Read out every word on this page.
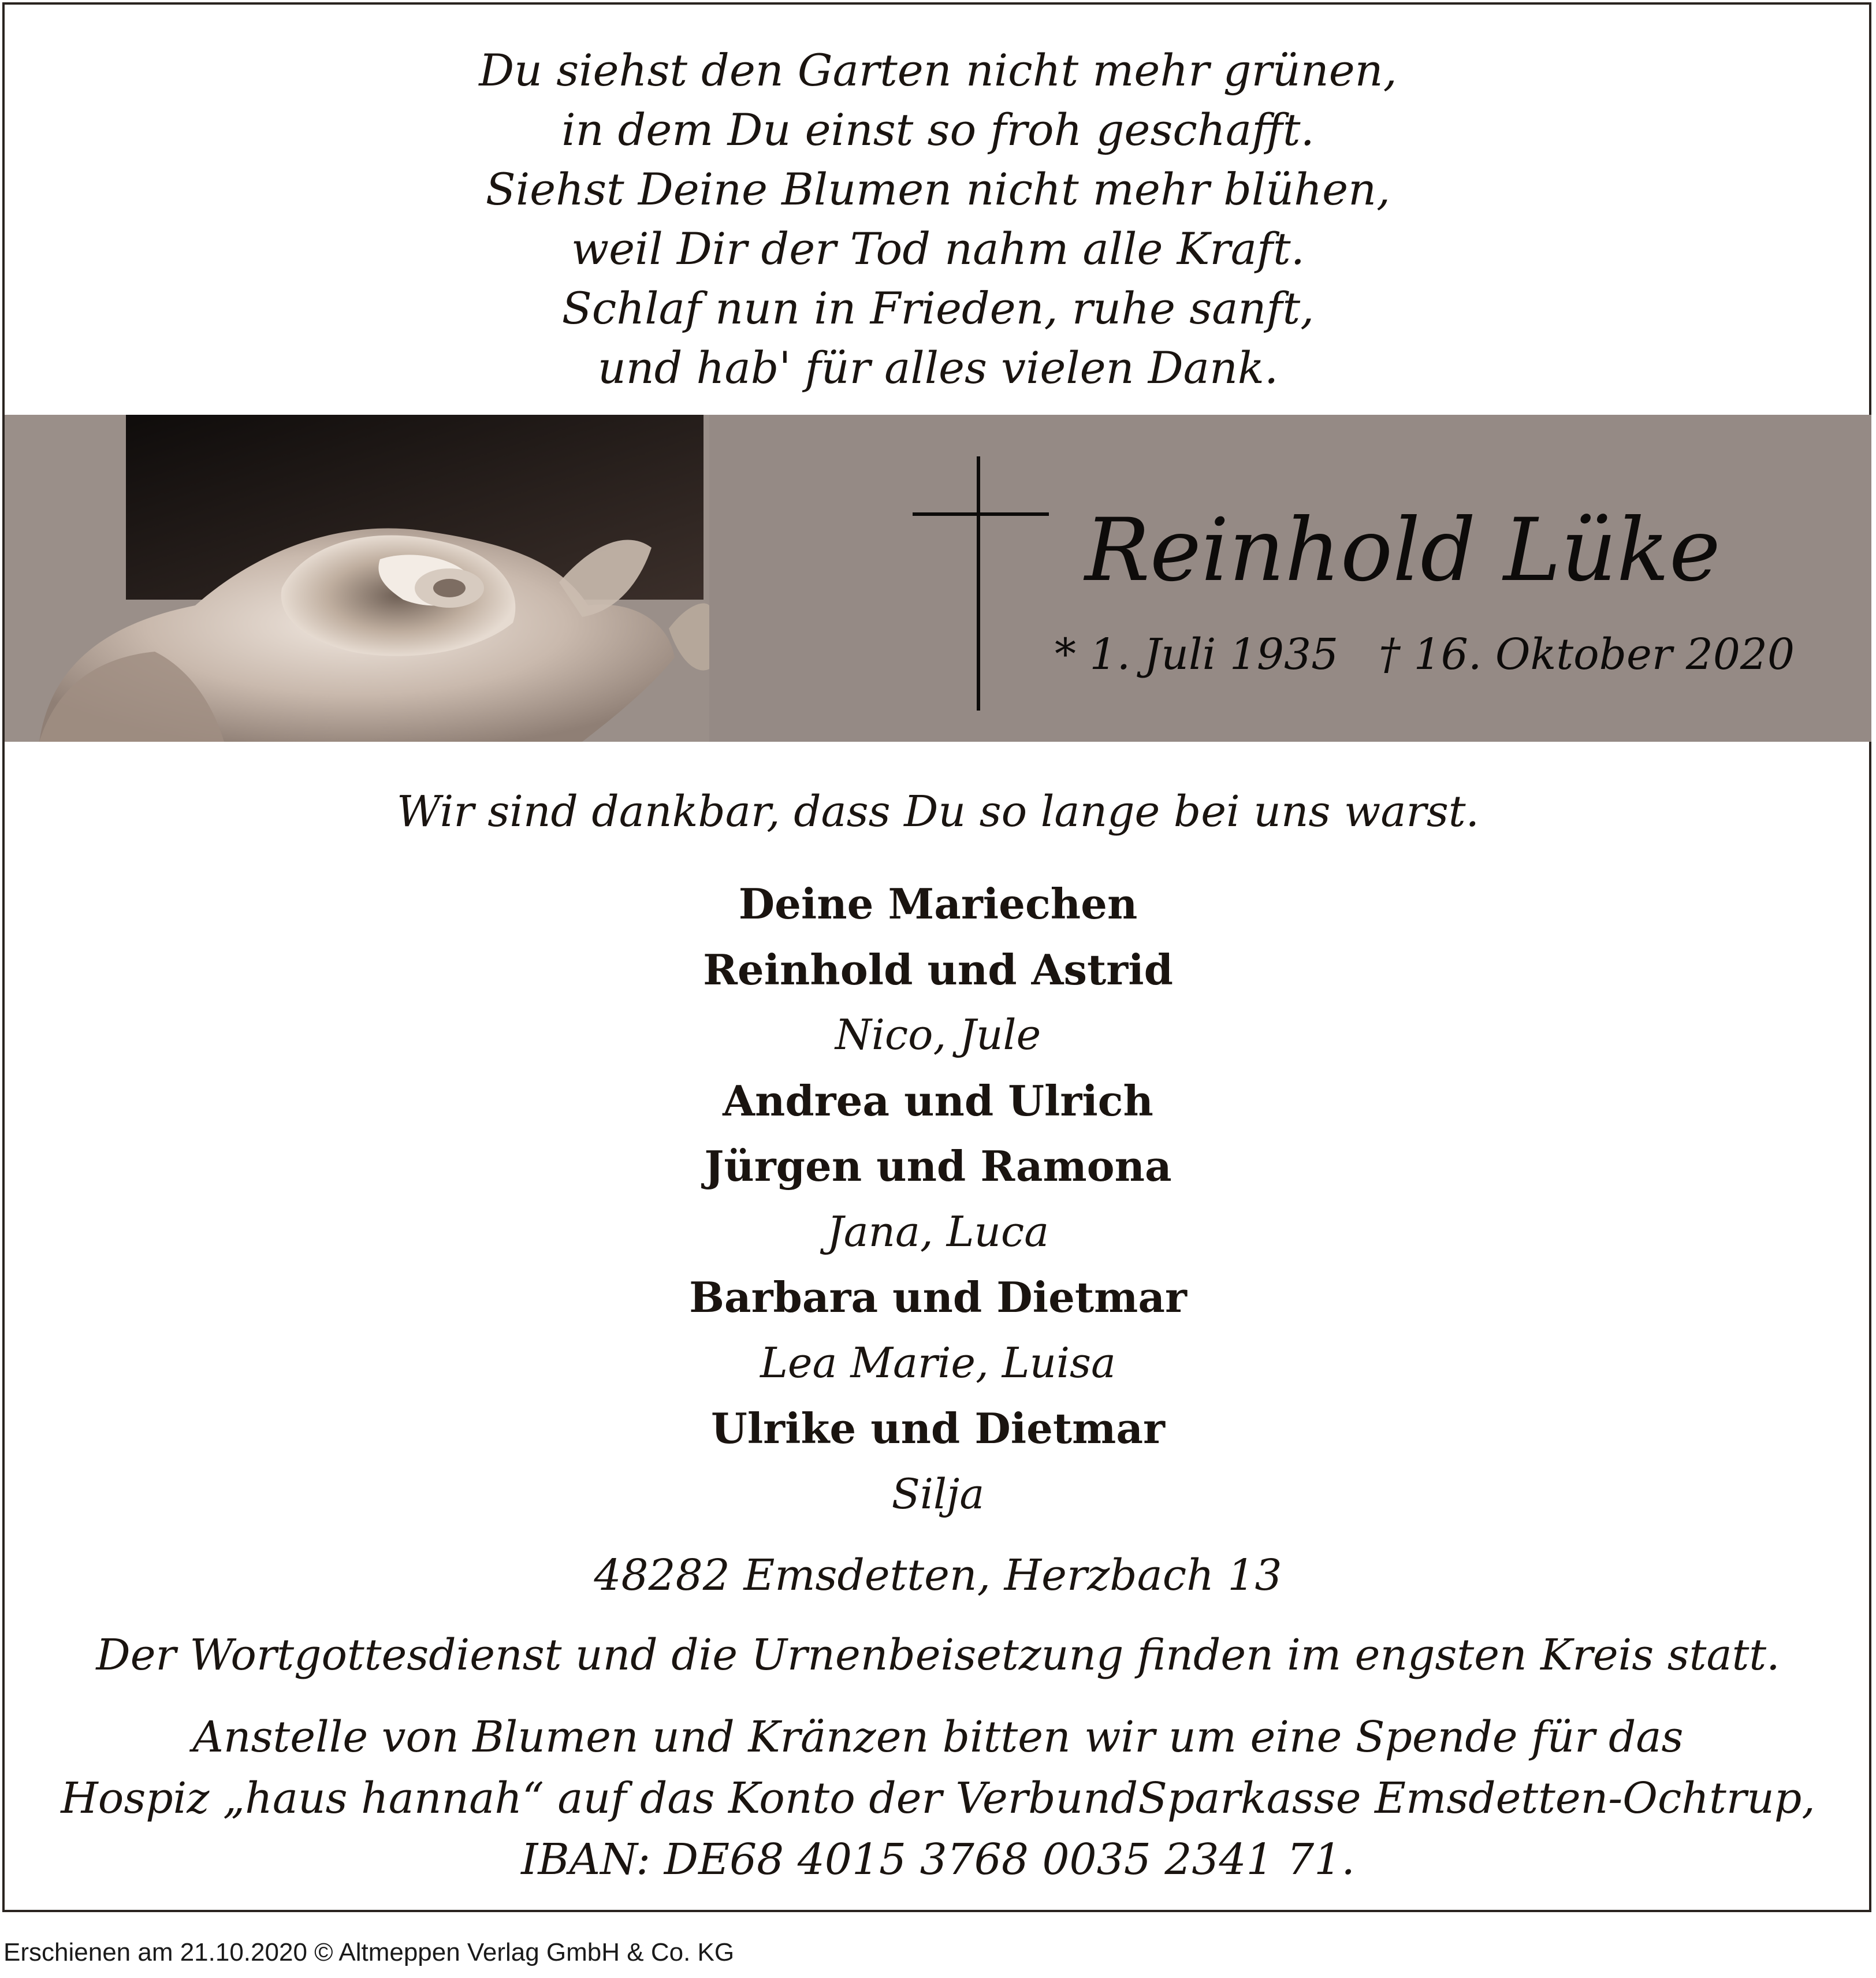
Du siehst den Garten nicht mehr grünen,
in dem Du einst so froh geschafft.
Siehst Deine Blumen nicht mehr blühen,
weil Dir der Tod nahm alle Kraft.
Schlaf nun in Frieden, ruhe sanft,
und hab' für alles vielen Dank.
Reinhold Lüke
* 1. Juli 1935 † 16. Oktober 2020
Wir sind dankbar, dass Du so lange bei uns warst.
Deine Mariechen
Reinhold und Astrid
Nico, Jule
Andrea und Ulrich
Jürgen und Ramona
Jana, Luca
Barbara und Dietmar
Lea Marie, Luisa
Ulrike und Dietmar
Silja
48282 Emsdetten, Herzbach 13
Der Wortgottesdienst und die Urnenbeisetzung finden im engsten Kreis statt.
Anstelle von Blumen und Kränzen bitten wir um eine Spende für das
Hospiz „haus hannah“ auf das Konto der VerbundSparkasse Emsdetten-Ochtrup,
IBAN: DE68 4015 3768 0035 2341 71.
Erschienen am 21.10.2020 © Altmeppen Verlag GmbH & Co. KG
